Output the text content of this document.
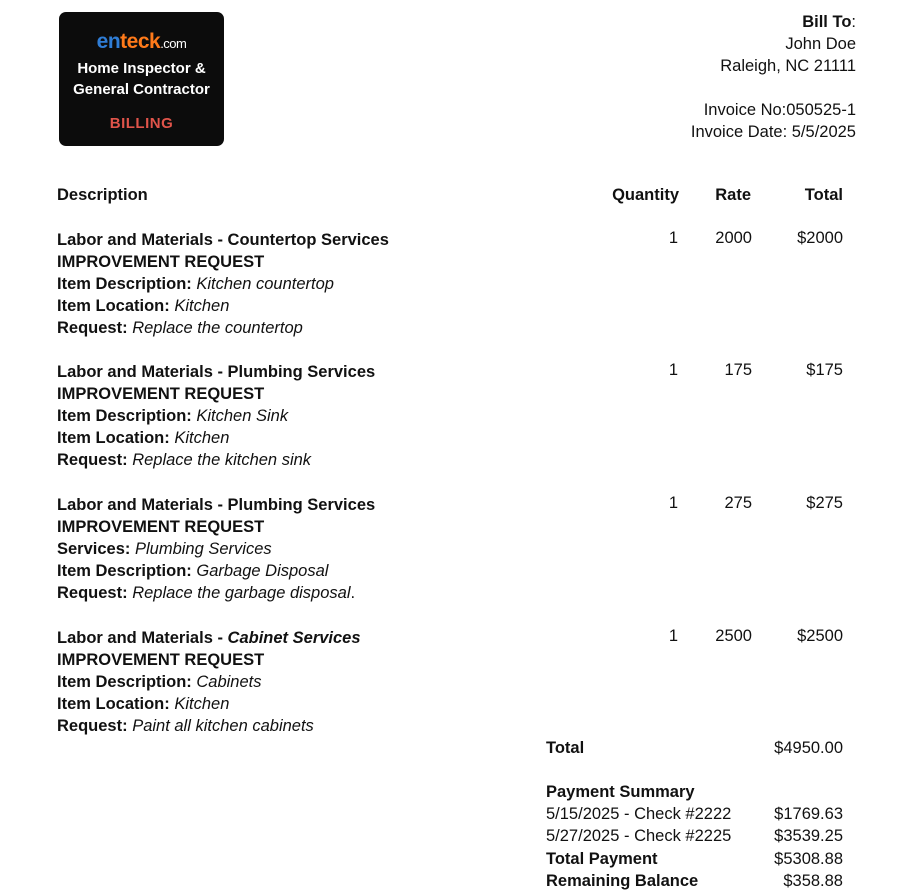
enteck.com
Home Inspector &
General Contractor
BILLING
Bill To:
John Doe
Raleigh, NC 21111
Invoice No:050525-1
Invoice Date: 5/5/2025
Description	Quantity	Rate	Total
Labor and Materials - Countertop Services
IMPROVEMENT REQUEST
Item Description: Kitchen countertop
Item Location: Kitchen
Request: Replace the countertop
1	2000	$2000
Labor and Materials - Plumbing Services
IMPROVEMENT REQUEST
Item Description: Kitchen Sink
Item Location: Kitchen
Request: Replace the kitchen sink
1	175	$175
Labor and Materials - Plumbing Services
IMPROVEMENT REQUEST
Services: Plumbing Services
Item Description: Garbage Disposal
Request: Replace the garbage disposal.
1	275	$275
Labor and Materials - Cabinet Services
IMPROVEMENT REQUEST
Item Description: Cabinets
Item Location: Kitchen
Request: Paint all kitchen cabinets
1	2500	$2500
Total	$4950.00
Payment Summary
5/15/2025 - Check #2222	$1769.63
5/27/2025 - Check #2225	$3539.25
Total Payment	$5308.88
Remaining Balance	$358.88
